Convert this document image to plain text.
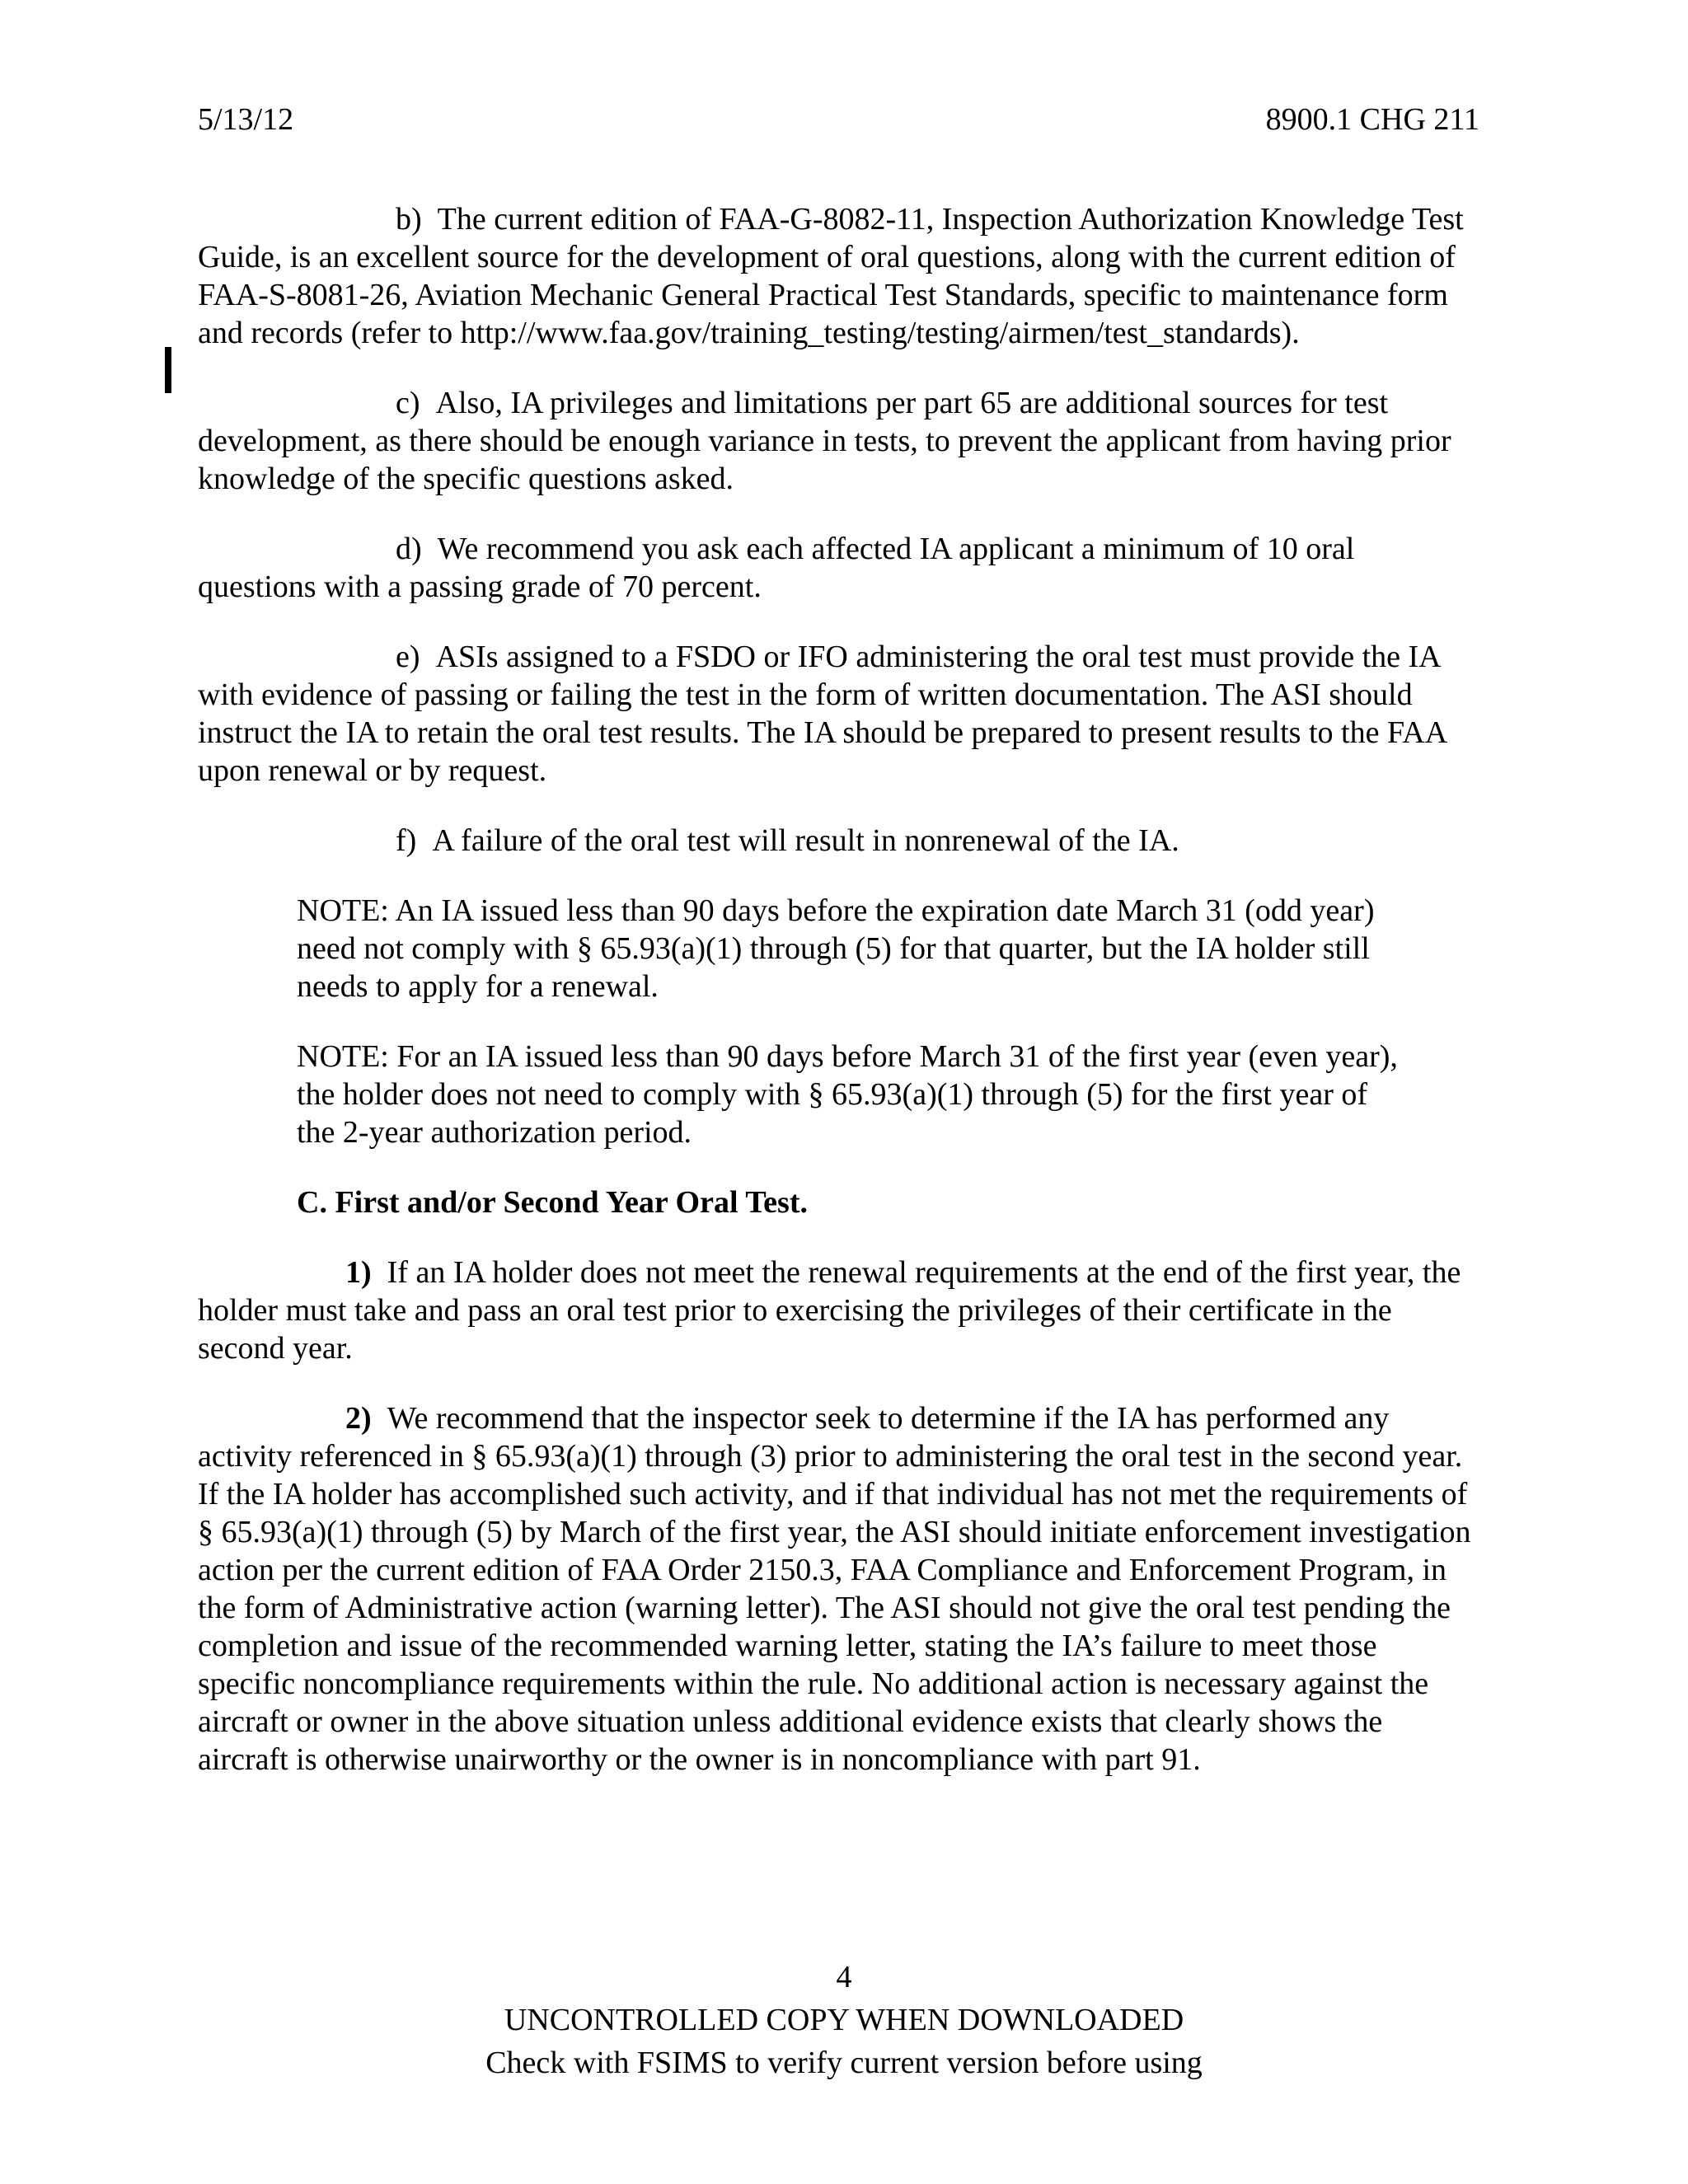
5/13/12	8900.1 CHG 211

b) The current edition of FAA-G-8082-11, Inspection Authorization Knowledge Test Guide, is an excellent source for the development of oral questions, along with the current edition of FAA-S-8081-26, Aviation Mechanic General Practical Test Standards, specific to maintenance form and records (refer to http://www.faa.gov/training_testing/testing/airmen/test_standards).

c) Also, IA privileges and limitations per part 65 are additional sources for test development, as there should be enough variance in tests, to prevent the applicant from having prior knowledge of the specific questions asked.

d) We recommend you ask each affected IA applicant a minimum of 10 oral questions with a passing grade of 70 percent.

e) ASIs assigned to a FSDO or IFO administering the oral test must provide the IA with evidence of passing or failing the test in the form of written documentation. The ASI should instruct the IA to retain the oral test results. The IA should be prepared to present results to the FAA upon renewal or by request.

f) A failure of the oral test will result in nonrenewal of the IA.

NOTE: An IA issued less than 90 days before the expiration date March 31 (odd year) need not comply with § 65.93(a)(1) through (5) for that quarter, but the IA holder still needs to apply for a renewal.

NOTE: For an IA issued less than 90 days before March 31 of the first year (even year), the holder does not need to comply with § 65.93(a)(1) through (5) for the first year of the 2-year authorization period.

C. First and/or Second Year Oral Test.

1) If an IA holder does not meet the renewal requirements at the end of the first year, the holder must take and pass an oral test prior to exercising the privileges of their certificate in the second year.

2) We recommend that the inspector seek to determine if the IA has performed any activity referenced in § 65.93(a)(1) through (3) prior to administering the oral test in the second year. If the IA holder has accomplished such activity, and if that individual has not met the requirements of § 65.93(a)(1) through (5) by March of the first year, the ASI should initiate enforcement investigation action per the current edition of FAA Order 2150.3, FAA Compliance and Enforcement Program, in the form of Administrative action (warning letter). The ASI should not give the oral test pending the completion and issue of the recommended warning letter, stating the IA’s failure to meet those specific noncompliance requirements within the rule. No additional action is necessary against the aircraft or owner in the above situation unless additional evidence exists that clearly shows the aircraft is otherwise unairworthy or the owner is in noncompliance with part 91.

4
UNCONTROLLED COPY WHEN DOWNLOADED
Check with FSIMS to verify current version before using
